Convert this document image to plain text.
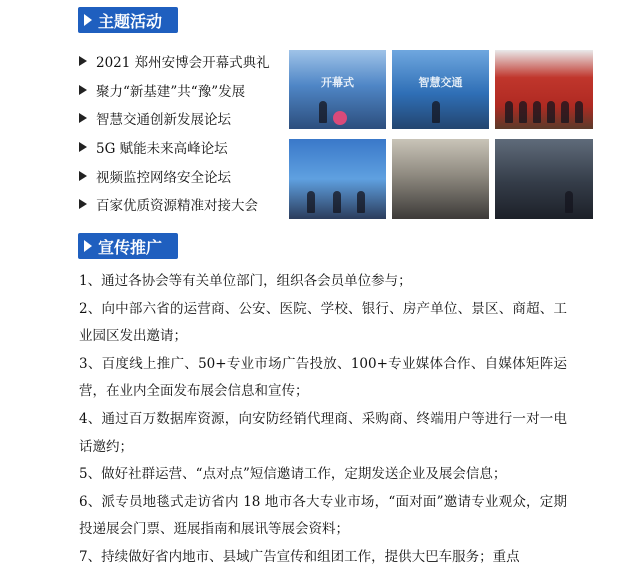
主题活动
2021 郑州安博会开幕式典礼
聚力“新基建”共“豫”发展
智慧交通创新发展论坛
5G 赋能未来高峰论坛
视频监控网络安全论坛
百家优质资源精准对接大会
开幕式	智慧交通
宣传推广
1、通过各协会等有关单位部门，组织各会员单位参与；
2、向中部六省的运营商、公安、医院、学校、银行、房产单位、景区、商超、工业园区发出邀请；
3、百度线上推广、50+专业市场广告投放、100+专业媒体合作、自媒体矩阵运营，在业内全面发布展会信息和宣传；
4、通过百万数据库资源，向安防经销代理商、采购商、终端用户等进行一对一电话邀约；
5、做好社群运营、“点对点”短信邀请工作，定期发送企业及展会信息；
6、派专员地毯式走访省内 18 地市各大专业市场，“面对面”邀请专业观众，定期投递展会门票、逛展指南和展讯等展会资料；
7、持续做好省内地市、县域广告宣传和组团工作，提供大巴车服务；重点
